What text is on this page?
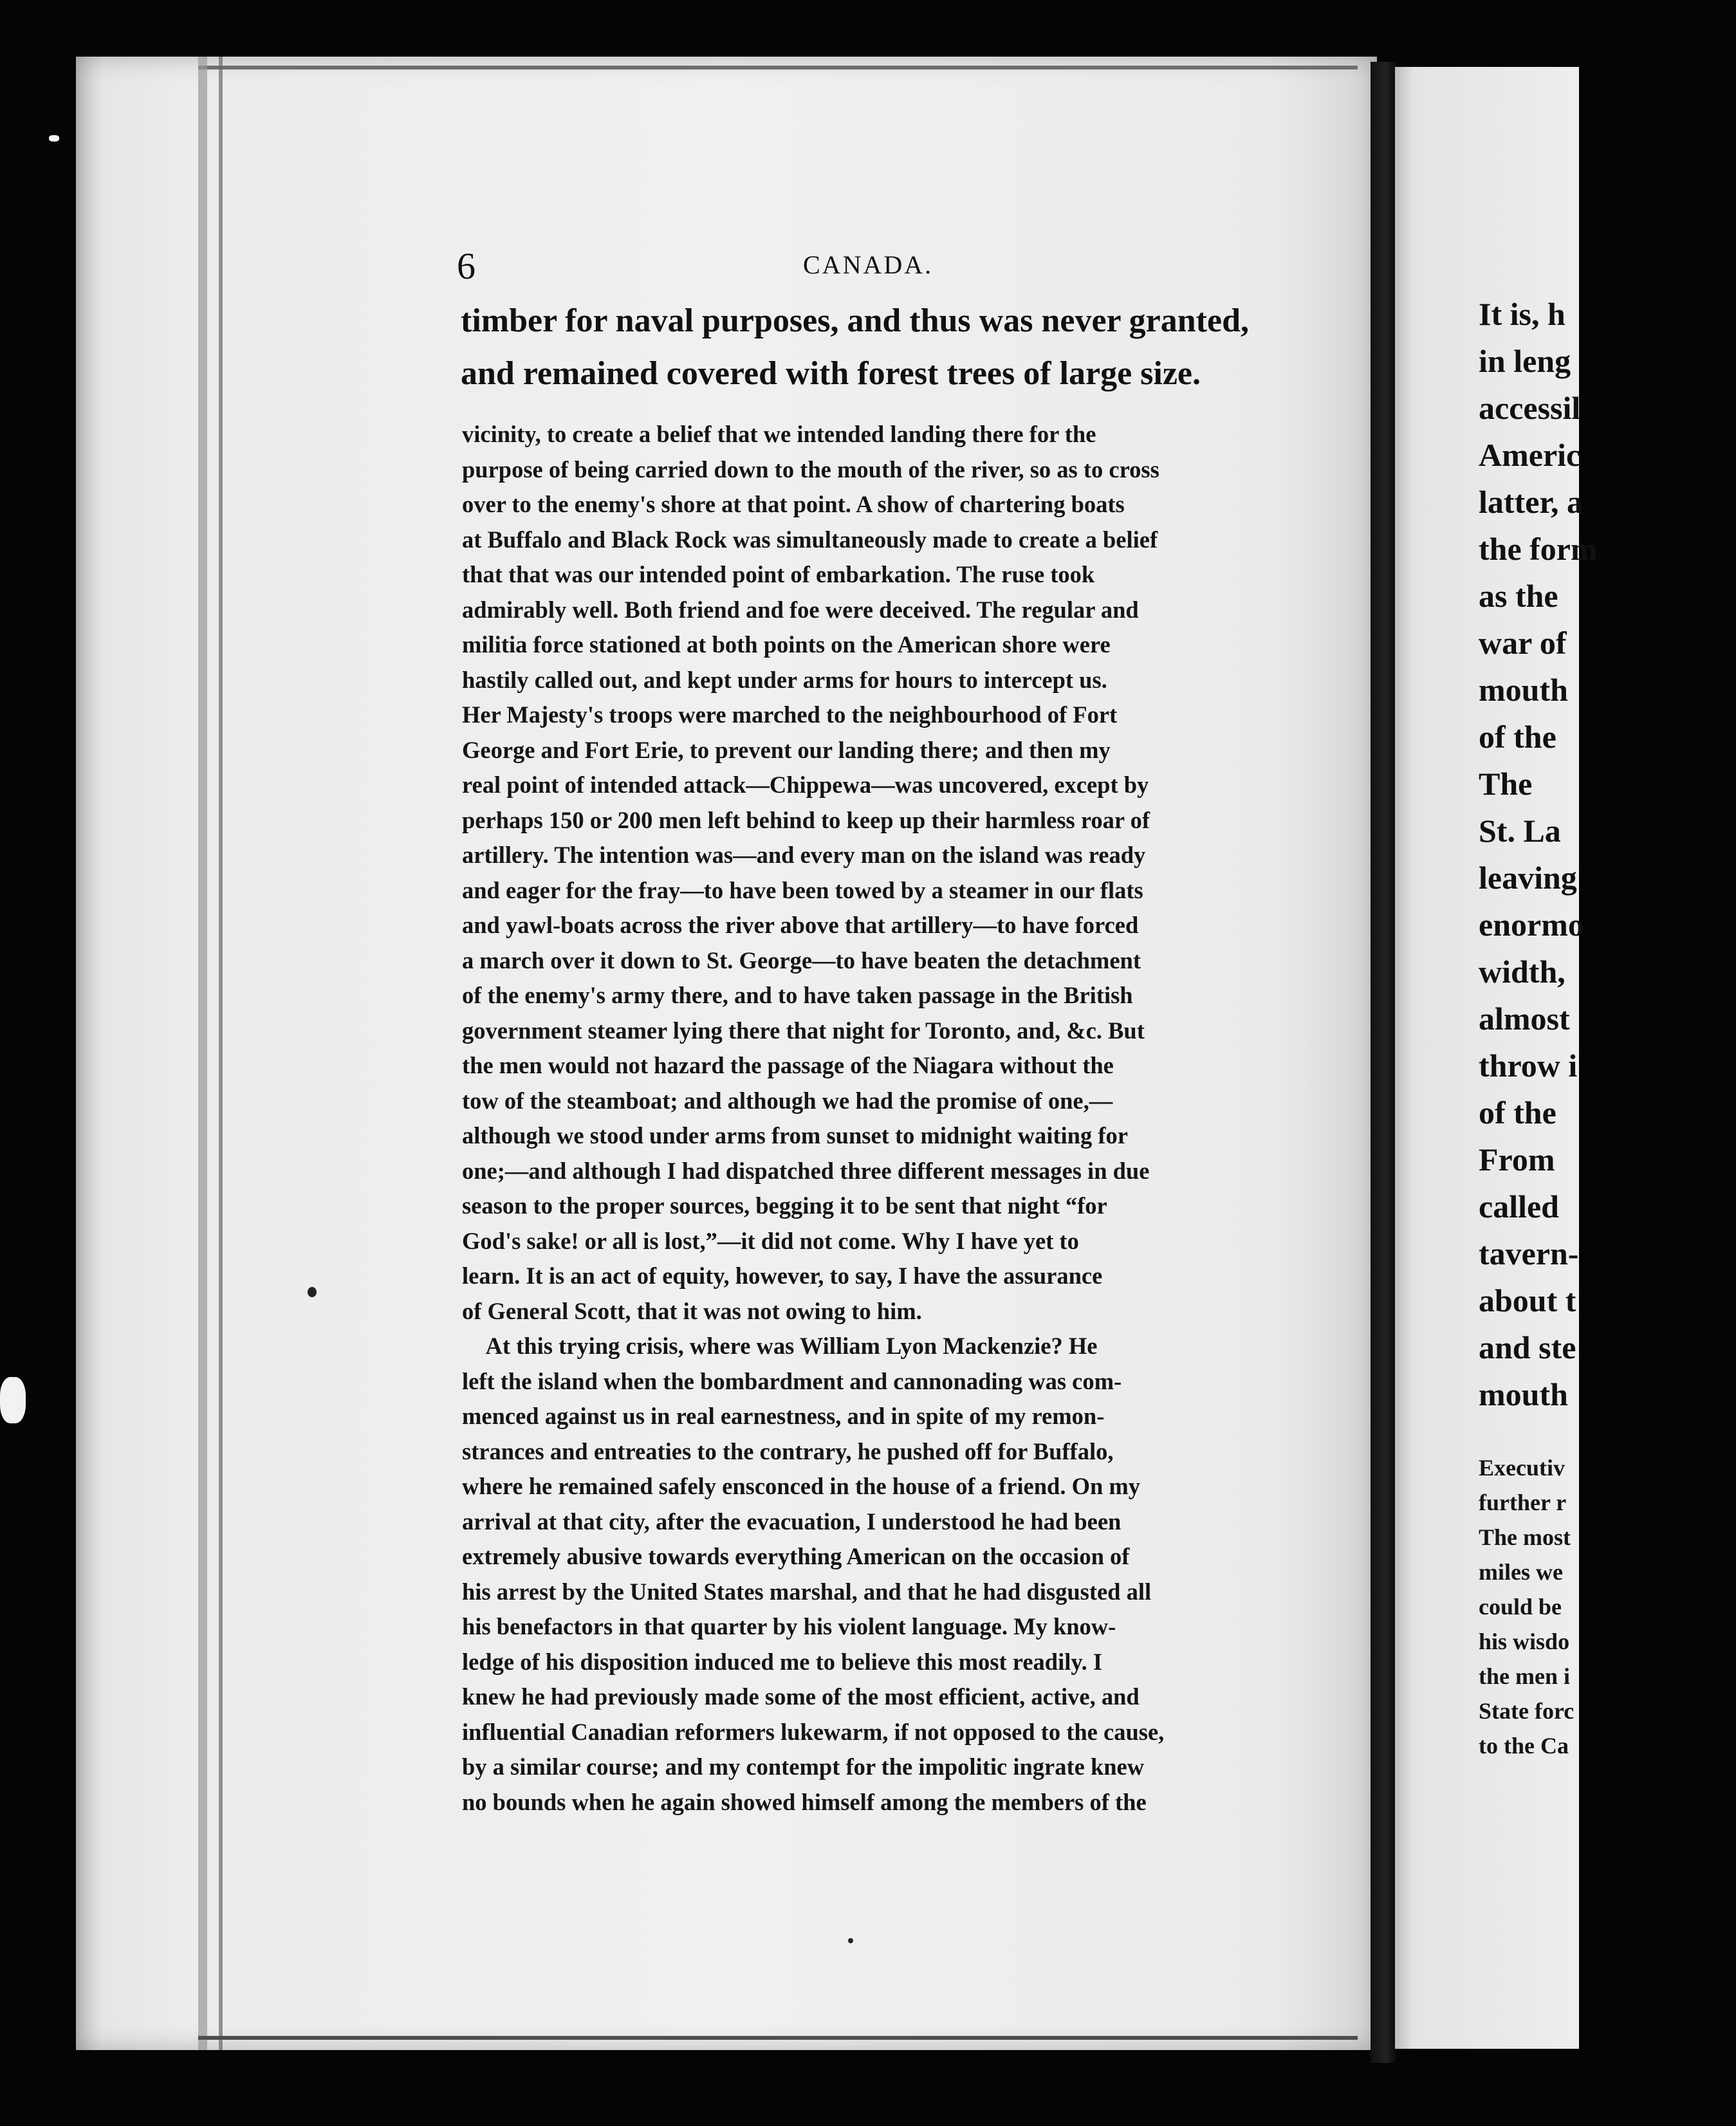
6	CANADA.
timber for naval purposes, and thus was never granted,
and remained covered with forest trees of large size.
vicinity, to create a belief that we intended landing there for the
purpose of being carried down to the mouth of the river, so as to cross
over to the enemy's shore at that point. A show of chartering boats
at Buffalo and Black Rock was simultaneously made to create a belief
that that was our intended point of embarkation. The ruse took
admirably well. Both friend and foe were deceived. The regular and
militia force stationed at both points on the American shore were
hastily called out, and kept under arms for hours to intercept us.
Her Majesty's troops were marched to the neighbourhood of Fort
George and Fort Erie, to prevent our landing there; and then my
real point of intended attack—Chippewa—was uncovered, except by
perhaps 150 or 200 men left behind to keep up their harmless roar of
artillery. The intention was—and every man on the island was ready
and eager for the fray—to have been towed by a steamer in our flats
and yawl-boats across the river above that artillery—to have forced
a march over it down to St. George—to have beaten the detachment
of the enemy's army there, and to have taken passage in the British
government steamer lying there that night for Toronto, and, &c. But
the men would not hazard the passage of the Niagara without the
tow of the steamboat; and although we had the promise of one,—
although we stood under arms from sunset to midnight waiting for
one;—and although I had dispatched three different messages in due
season to the proper sources, begging it to be sent that night “for
God's sake! or all is lost,”—it did not come. Why I have yet to
learn. It is an act of equity, however, to say, I have the assurance
of General Scott, that it was not owing to him.
 At this trying crisis, where was William Lyon Mackenzie? He
left the island when the bombardment and cannonading was com-
menced against us in real earnestness, and in spite of my remon-
strances and entreaties to the contrary, he pushed off for Buffalo,
where he remained safely ensconced in the house of a friend. On my
arrival at that city, after the evacuation, I understood he had been
extremely abusive towards everything American on the occasion of
his arrest by the United States marshal, and that he had disgusted all
his benefactors in that quarter by his violent language. My know-
ledge of his disposition induced me to believe this most readily. I
knew he had previously made some of the most efficient, active, and
influential Canadian reformers lukewarm, if not opposed to the cause,
by a similar course; and my contempt for the impolitic ingrate knew
no bounds when he again showed himself among the members of the
It is, h
in leng
accessil
Americ
latter, a
the form
as the
war of
mouth
of the
The
St. La
leaving
enormo
width,
almost
throw i
of the
From
called
tavern-
about t
and ste
mouth
Executiv
further r
The most
miles we
could be
his wisdo
the men i
State forc
to the Ca
